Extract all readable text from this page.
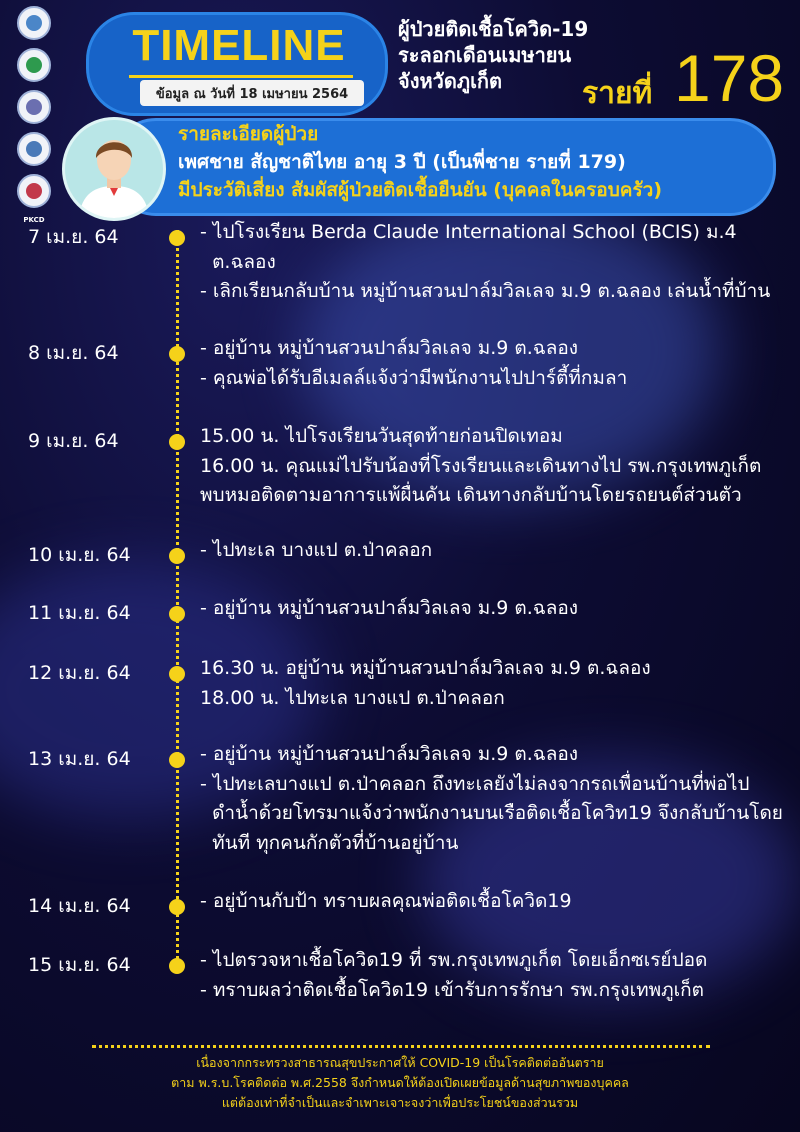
PKCD
TIMELINE
ข้อมูล ณ วันที่ 18 เมษายน 2564
ผู้ป่วยติดเชื้อโควิด-19
ระลอกเดือนเมษายน
จังหวัดภูเก็ต	รายที่ 178
รายละเอียดผู้ป่วย
เพศชาย สัญชาติไทย อายุ 3 ปี (เป็นพี่ชาย รายที่ 179)
มีประวัติเสี่ยง สัมผัสผู้ป่วยติดเชื้อยืนยัน (บุคคลในครอบครัว)
7 เม.ย. 64	- ไปโรงเรียน Berda Claude International School (BCIS) ม.4
ต.ฉลอง
- เลิกเรียนกลับบ้าน หมู่บ้านสวนปาล์มวิลเลจ ม.9 ต.ฉลอง เล่นน้ำที่บ้าน
8 เม.ย. 64	- อยู่บ้าน หมู่บ้านสวนปาล์มวิลเลจ ม.9 ต.ฉลอง
- คุณพ่อได้รับอีเมลล์แจ้งว่ามีพนักงานไปปาร์ตี้ที่กมลา
9 เม.ย. 64	15.00 น. ไปโรงเรียนวันสุดท้ายก่อนปิดเทอม
16.00 น. คุณแม่ไปรับน้องที่โรงเรียนและเดินทางไป รพ.กรุงเทพภูเก็ต
พบหมอติดตามอาการแพ้ผื่นคัน เดินทางกลับบ้านโดยรถยนต์ส่วนตัว
10 เม.ย. 64	- ไปทะเล บางแป ต.ป่าคลอก
11 เม.ย. 64	- อยู่บ้าน หมู่บ้านสวนปาล์มวิลเลจ ม.9 ต.ฉลอง
12 เม.ย. 64	16.30 น. อยู่บ้าน หมู่บ้านสวนปาล์มวิลเลจ ม.9 ต.ฉลอง
18.00 น. ไปทะเล บางแป ต.ป่าคลอก
13 เม.ย. 64	- อยู่บ้าน หมู่บ้านสวนปาล์มวิลเลจ ม.9 ต.ฉลอง
- ไปทะเลบางแป ต.ป่าคลอก ถึงทะเลยังไม่ลงจากรถเพื่อนบ้านที่พ่อไป
ดำน้ำด้วยโทรมาแจ้งว่าพนักงานบนเรือติดเชื้อโควิท19 จึงกลับบ้านโดย
ทันที ทุกคนกักตัวที่บ้านอยู่บ้าน
14 เม.ย. 64	- อยู่บ้านกับป้า ทราบผลคุณพ่อติดเชื้อโควิด19
15 เม.ย. 64	- ไปตรวจหาเชื้อโควิด19 ที่ รพ.กรุงเทพภูเก็ต โดยเอ็กซเรย์ปอด
- ทราบผลว่าติดเชื้อโควิด19 เข้ารับการรักษา รพ.กรุงเทพภูเก็ต
เนื่องจากกระทรวงสาธารณสุขประกาศให้ COVID-19 เป็นโรคติดต่ออันตราย
ตาม พ.ร.บ.โรคติดต่อ พ.ศ.2558 จึงกำหนดให้ต้องเปิดเผยข้อมูลด้านสุขภาพของบุคคล
แต่ต้องเท่าที่จำเป็นและจำเพาะเจาะจงว่าเพื่อประโยชน์ของส่วนรวม
